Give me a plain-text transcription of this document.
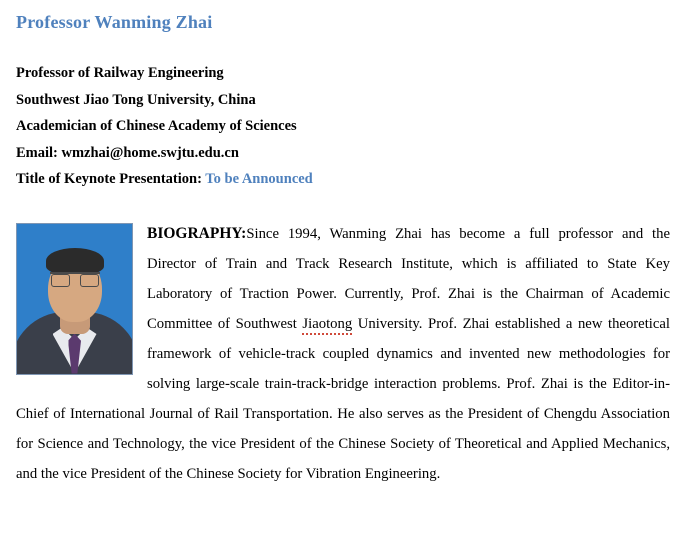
Professor Wanming Zhai
Professor of Railway Engineering
Southwest Jiao Tong University, China
Academician of Chinese Academy of Sciences
Email: wmzhai@home.swjtu.edu.cn
Title of Keynote Presentation: To be Announced
BIOGRAPHY:Since 1994, Wanming Zhai has become a full professor and the Director of Train and Track Research Institute, which is affiliated to State Key Laboratory of Traction Power. Currently, Prof. Zhai is the Chairman of Academic Committee of Southwest Jiaotong University. Prof. Zhai established a new theoretical framework of vehicle-track coupled dynamics and invented new methodologies for solving large-scale train-track-bridge interaction problems. Prof. Zhai is the Editor-in-Chief of International Journal of Rail Transportation. He also serves as the President of Chengdu Association for Science and Technology, the vice President of the Chinese Society of Theoretical and Applied Mechanics, and the vice President of the Chinese Society for Vibration Engineering.
